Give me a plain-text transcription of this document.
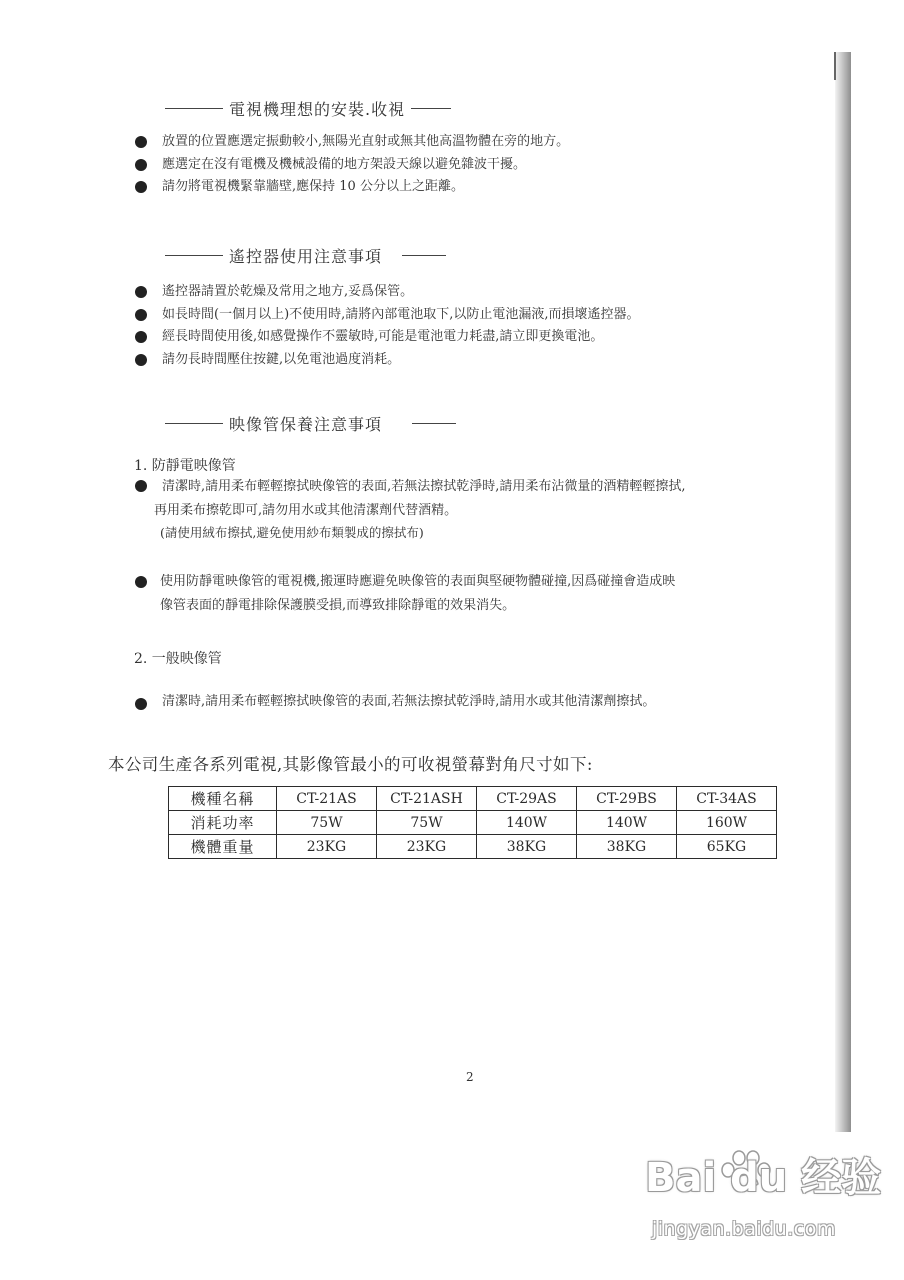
電視機理想的安裝.收視
放置的位置應選定振動較小,無陽光直射或無其他高溫物體在旁的地方。
應選定在沒有電機及機械設備的地方架設天線以避免雜波干擾。
請勿將電視機緊靠牆壁,應保持 10 公分以上之距離。
遙控器使用注意事項
遙控器請置於乾燥及常用之地方,妥爲保管。
如長時間(一個月以上)不使用時,請將內部電池取下,以防止電池漏液,而損壞遙控器。
經長時間使用後,如感覺操作不靈敏時,可能是電池電力耗盡,請立即更換電池。
請勿長時間壓住按鍵,以免電池過度消耗。
映像管保養注意事項
1. 防靜電映像管
清潔時,請用柔布輕輕擦拭映像管的表面,若無法擦拭乾淨時,請用柔布沾微量的酒精輕輕擦拭,
再用柔布擦乾即可,請勿用水或其他清潔劑代替酒精。
(請使用絨布擦拭,避免使用紗布類製成的擦拭布)
使用防靜電映像管的電視機,搬運時應避免映像管的表面與堅硬物體碰撞,因爲碰撞會造成映
像管表面的靜電排除保護膜受損,而導致排除靜電的效果消失。
2. 一般映像管
清潔時,請用柔布輕輕擦拭映像管的表面,若無法擦拭乾淨時,請用水或其他清潔劑擦拭。
本公司生產各系列電視,其影像管最小的可收視螢幕對角尺寸如下:
機種名稱	CT-21AS	CT-21ASH	CT-29AS	CT-29BS	CT-34AS
消耗功率	75W	75W	140W	140W	160W
機體重量	23KG	23KG	38KG	38KG	65KG
2
Bai du 经验
jingyan.baidu.com
